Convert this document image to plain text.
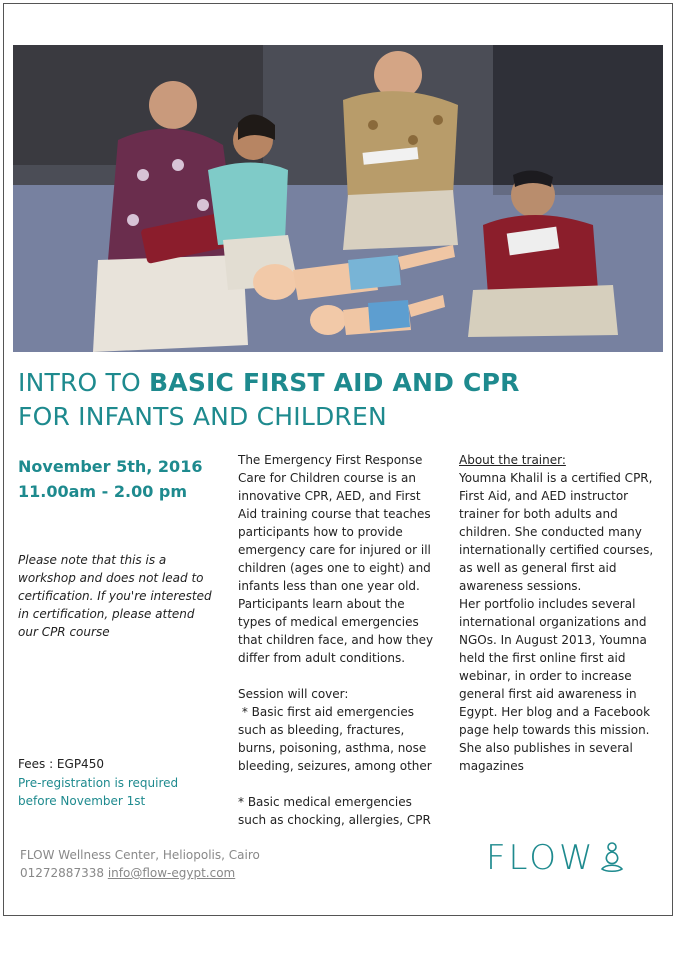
INTRO TO BASIC FIRST AID AND CPR
FOR INFANTS AND CHILDREN
November 5th, 2016
11.00am - 2.00 pm
Please note that this is a workshop and does not lead to certification. If you're interested in certification, please attend our CPR course
Fees : EGP450
Pre-registration is required before November 1st

The Emergency First Response Care for Children course is an innovative CPR, AED, and First Aid training course that teaches participants how to provide emergency care for injured or ill children (ages one to eight) and infants less than one year old. Participants learn about the types of medical emergencies that children face, and how they differ from adult conditions.

Session will cover:

* Basic first aid emergencies such as bleeding, fractures, burns, poisoning, asthma, nose bleeding, seizures, among other

* Basic medical emergencies such as chocking, allergies, CPR

About the trainer:

Youmna Khalil is a certified CPR, First Aid, and AED instructor trainer for both adults and children. She conducted many internationally certified courses, as well as general first aid awareness sessions.

Her portfolio includes several international organizations and NGOs. In August 2013, Youmna held the first online first aid webinar, in order to increase general first aid awareness in Egypt. Her blog and a Facebook page help towards this mission. She also publishes in several magazines

FLOW Wellness Center, Heliopolis, Cairo
01272887338 info@flow-egypt.com	FLOW
